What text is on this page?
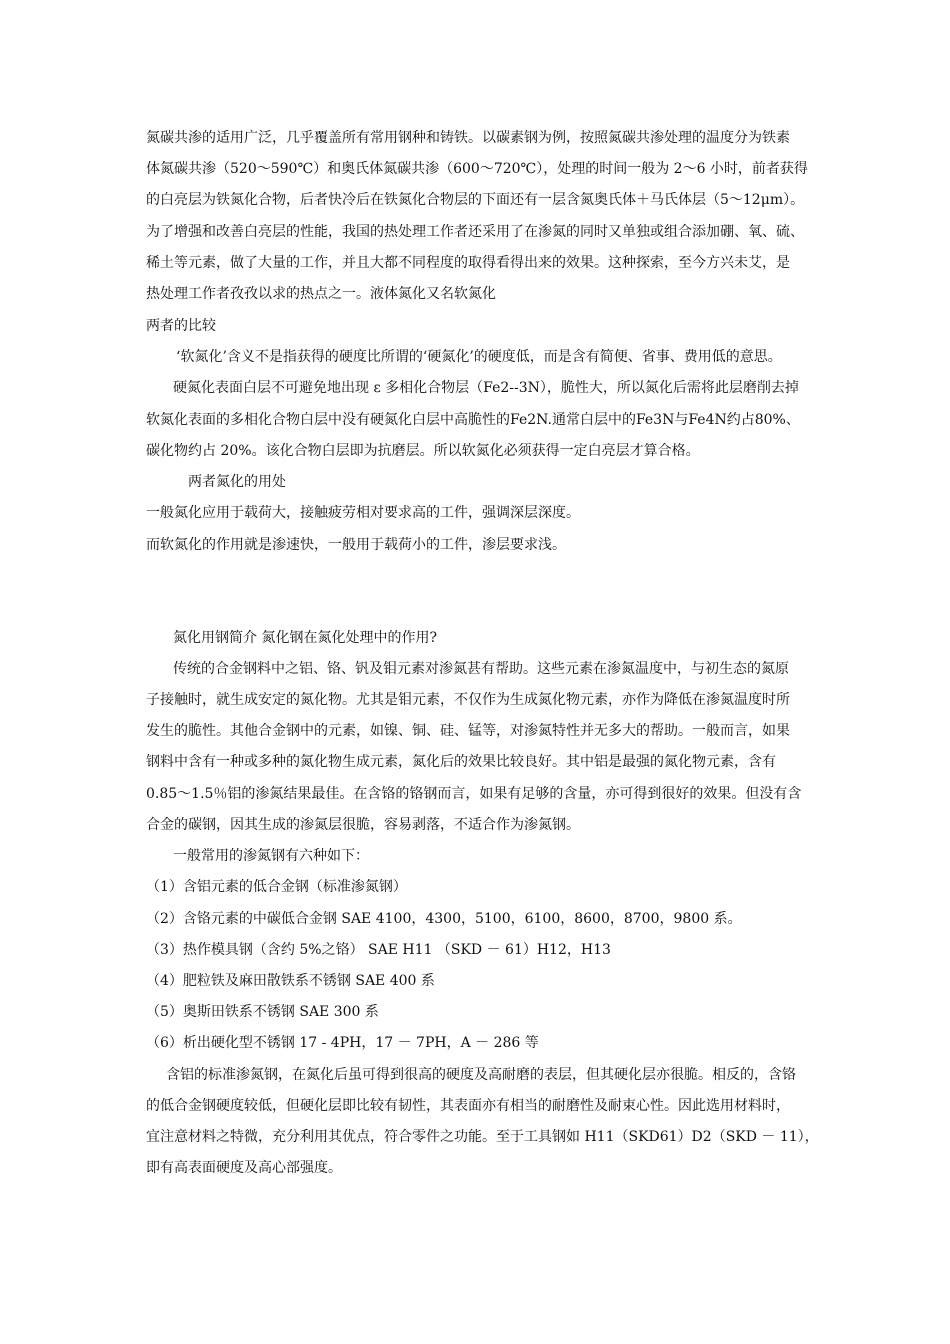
氮碳共渗的适用广泛，几乎覆盖所有常用钢种和铸铁。以碳素钢为例，按照氮碳共渗处理的温度分为铁素
体氮碳共渗（520～590℃）和奥氏体氮碳共渗（600～720℃），处理的时间一般为 2～6 小时，前者获得
的白亮层为铁氮化合物，后者快冷后在铁氮化合物层的下面还有一层含氮奥氏体＋马氏体层（5～12μm）。
为了增强和改善白亮层的性能，我国的热处理工作者还采用了在渗氮的同时又单独或组合添加硼、氧、硫、
稀土等元素，做了大量的工作，并且大都不同程度的取得看得出来的效果。这种探索，至今方兴未艾，是
热处理工作者孜孜以求的热点之一。液体氮化又名软氮化
两者的比较
‘软氮化’含义不是指获得的硬度比所谓的‘硬氮化’的硬度低，而是含有简便、省事、费用低的意思。
硬氮化表面白层不可避免地出现 ε 多相化合物层（Fe2--3N），脆性大，所以氮化后需将此层磨削去掉
软氮化表面的多相化合物白层中没有硬氮化白层中高脆性的Fe2N.通常白层中的Fe3N与Fe4N约占80%、
碳化物约占 20%。该化合物白层即为抗磨层。所以软氮化必须获得一定白亮层才算合格。
两者氮化的用处
一般氮化应用于载荷大，接触疲劳相对要求高的工件，强调深层深度。
而软氮化的作用就是渗速快，一般用于载荷小的工件，渗层要求浅。
氮化用钢简介 氮化钢在氮化处理中的作用?
传统的合金钢料中之铝、铬、钒及钼元素对渗氮甚有帮助。这些元素在渗氮温度中，与初生态的氮原
子接触时，就生成安定的氮化物。尤其是钼元素，不仅作为生成氮化物元素，亦作为降低在渗氮温度时所
发生的脆性。其他合金钢中的元素，如镍、铜、硅、锰等，对渗氮特性并无多大的帮助。一般而言，如果
钢料中含有一种或多种的氮化物生成元素，氮化后的效果比较良好。其中铝是最强的氮化物元素，含有
0.85～1.5％铝的渗氮结果最佳。在含铬的铬钢而言，如果有足够的含量，亦可得到很好的效果。但没有含
合金的碳钢，因其生成的渗氮层很脆，容易剥落，不适合作为渗氮钢。
一般常用的渗氮钢有六种如下：
（1）含铝元素的低合金钢（标准渗氮钢）
（2）含铬元素的中碳低合金钢 SAE 4100，4300，5100，6100，8600，8700，9800 系。
（3）热作模具钢（含约 5%之铬） SAE H11 （SKD － 61）H12，H13
（4）肥粒铁及麻田散铁系不锈钢 SAE 400 系
（5）奥斯田铁系不锈钢 SAE 300 系
（6）析出硬化型不锈钢 17 - 4PH，17 － 7PH，A － 286 等
含铝的标准渗氮钢，在氮化后虽可得到很高的硬度及高耐磨的表层，但其硬化层亦很脆。相反的，含铬
的低合金钢硬度较低，但硬化层即比较有韧性，其表面亦有相当的耐磨性及耐束心性。因此选用材料时，
宜注意材料之特微，充分利用其优点，符合零件之功能。至于工具钢如 H11（SKD61）D2（SKD － 11），
即有高表面硬度及高心部强度。
